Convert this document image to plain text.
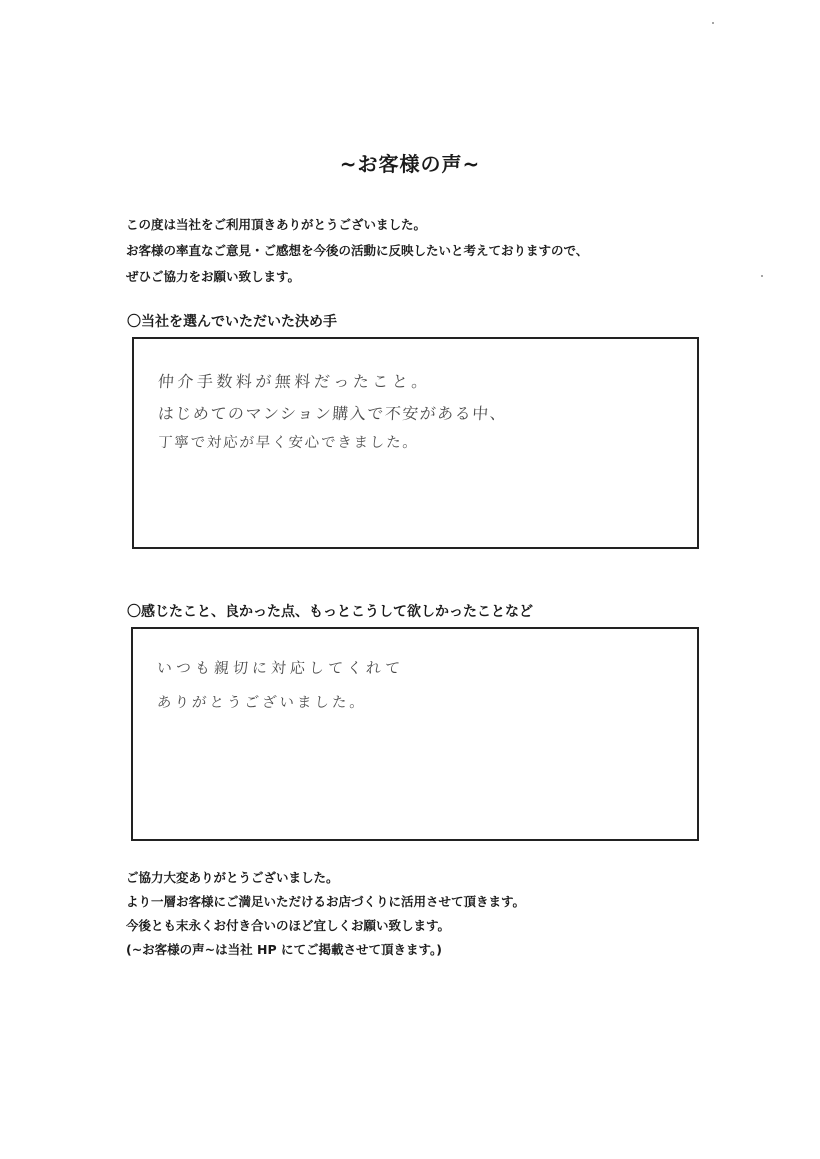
~お客様の声~
この度は当社をご利用頂きありがとうございました。
お客様の率直なご意見・ご感想を今後の活動に反映したいと考えておりますので、
ぜひご協力をお願い致します。
〇当社を選んでいただいた決め手
仲介手数料が無料だったこと。
はじめてのマンション購入で不安がある中、
丁寧で対応が早く安心できました。
〇感じたこと、良かった点、もっとこうして欲しかったことなど
いつも親切に対応してくれて
ありがとうございました。
ご協力大変ありがとうございました。
より一層お客様にご満足いただけるお店づくりに活用させて頂きます。
今後とも末永くお付き合いのほど宜しくお願い致します。
(~お客様の声~は当社 HP にてご掲載させて頂きます。)
